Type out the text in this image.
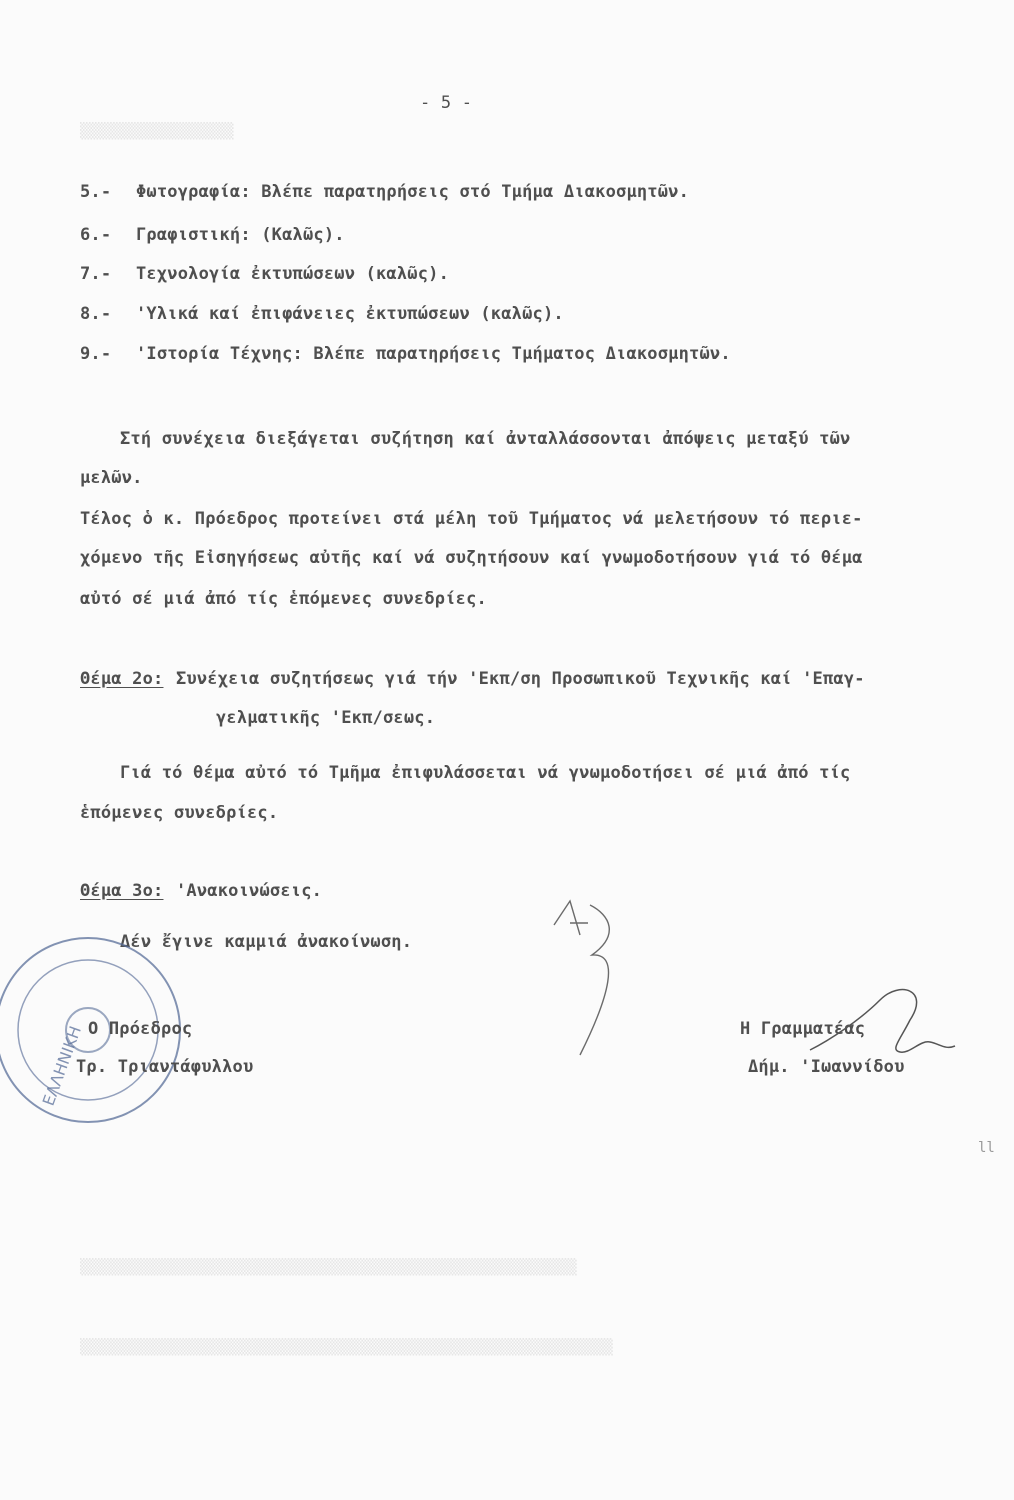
▒▒▒▒▒▒▒▒▒▒▒▒▒▒▒▒▒
▒▒▒▒▒▒▒▒▒▒▒▒▒▒▒▒▒▒▒▒▒▒▒▒▒▒▒▒▒▒▒▒▒▒▒▒▒▒▒▒▒▒▒▒▒▒▒▒▒▒▒▒▒▒▒
▒▒▒▒▒▒▒▒▒▒▒▒▒▒▒▒▒▒▒▒▒▒▒▒▒▒▒▒▒▒▒▒▒▒▒▒▒▒▒▒▒▒▒▒▒▒▒▒▒▒▒▒▒▒▒▒▒▒▒
- 5 -
5.- Φωτογραφία: Βλέπε παρατηρήσεις στό Τμήμα Διακοσμητῶν.
6.- Γραφιστική: (Καλῶς).
7.- Τεχνολογία ἐκτυπώσεων (καλῶς).
8.- 'Υλικά καί ἐπιφάνειες ἐκτυπώσεων (καλῶς).
9.- 'Ιστορία Τέχνης: Βλέπε παρατηρήσεις Τμήματος Διακοσμητῶν.
Στή συνέχεια διεξάγεται συζήτηση καί ἀνταλλάσσονται ἀπόψεις μεταξύ τῶν
μελῶν.
Τέλος ὁ κ. Πρόεδρος προτείνει στά μέλη τοῦ Τμήματος νά μελετήσουν τό περιε-
χόμενο τῆς Εἰσηγήσεως αὐτῆς καί νά συζητήσουν καί γνωμοδοτήσουν γιά τό θέμα
αὐτό σέ μιά ἀπό τίς ἑπόμενες συνεδρίες.
Θέμα 2ο: Συνέχεια συζητήσεως γιά τήν 'Εκπ/ση Προσωπικοῦ Τεχνικῆς καί 'Επαγ-
γελματικῆς 'Εκπ/σεως.
Γιά τό θέμα αὐτό τό Τμῆμα ἐπιφυλάσσεται νά γνωμοδοτήσει σέ μιά ἀπό τίς
ἑπόμενες συνεδρίες.
Θέμα 3ο: 'Ανακοινώσεις.
Δέν ἔγινε καμμιά ἀνακοίνωση.
ΕΛΛΗΝΙΚΗ Ο Πρόεδρος
Τρ. Τριαντάφυλλου
Η Γραμματέας
Δήμ. 'Ιωαννίδου
ll
